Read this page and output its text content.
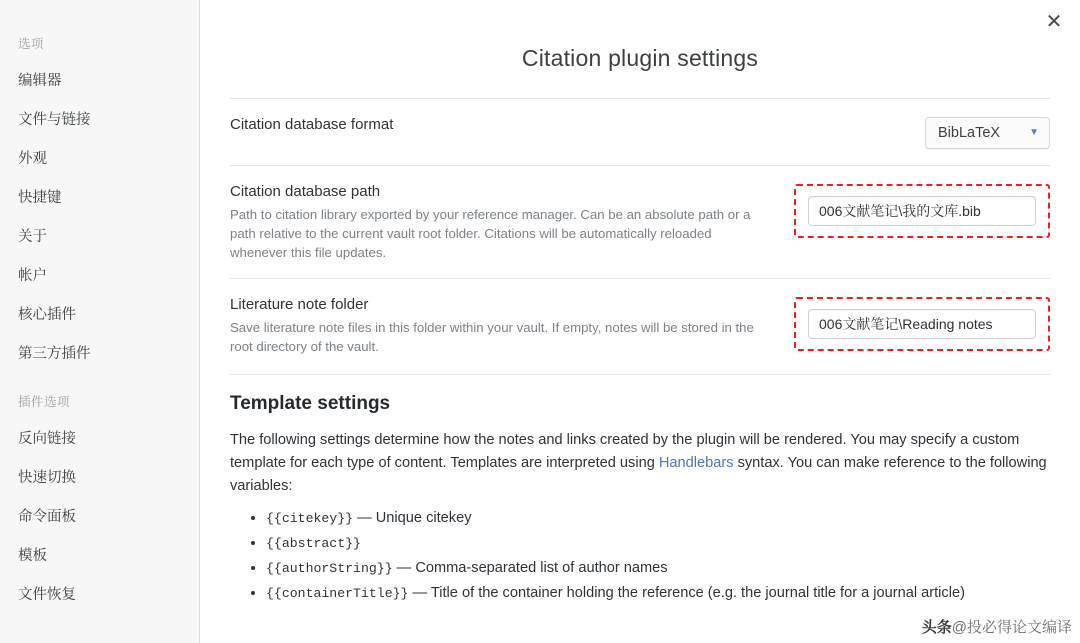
选项
编辑器
文件与链接
外观
快捷键
关于
帐户
核心插件
第三方插件
插件选项
反向链接
快速切换
命令面板
模板
文件恢复
✕
Citation plugin settings
Citation database format	BibLaTeX	▼
Citation database path
Path to citation library exported by your reference manager. Can be an absolute path or a path relative to the current vault root folder. Citations will be automatically reloaded whenever this file updates.
006文献笔记\我的文库.bib
Literature note folder
Save literature note files in this folder within your vault. If empty, notes will be stored in the root directory of the vault.
006文献笔记\Reading notes
Template settings

The following settings determine how the notes and links created by the plugin will be rendered. You may specify a custom template for each type of content. Templates are interpreted using Handlebars syntax. You can make reference to the following variables:

• {{citekey}} — Unique citekey
• {{abstract}}
• {{authorString}} — Comma-separated list of author names
• {{containerTitle}} — Title of the container holding the reference (e.g. the journal title for a journal article)
头条@投必得论文编译
